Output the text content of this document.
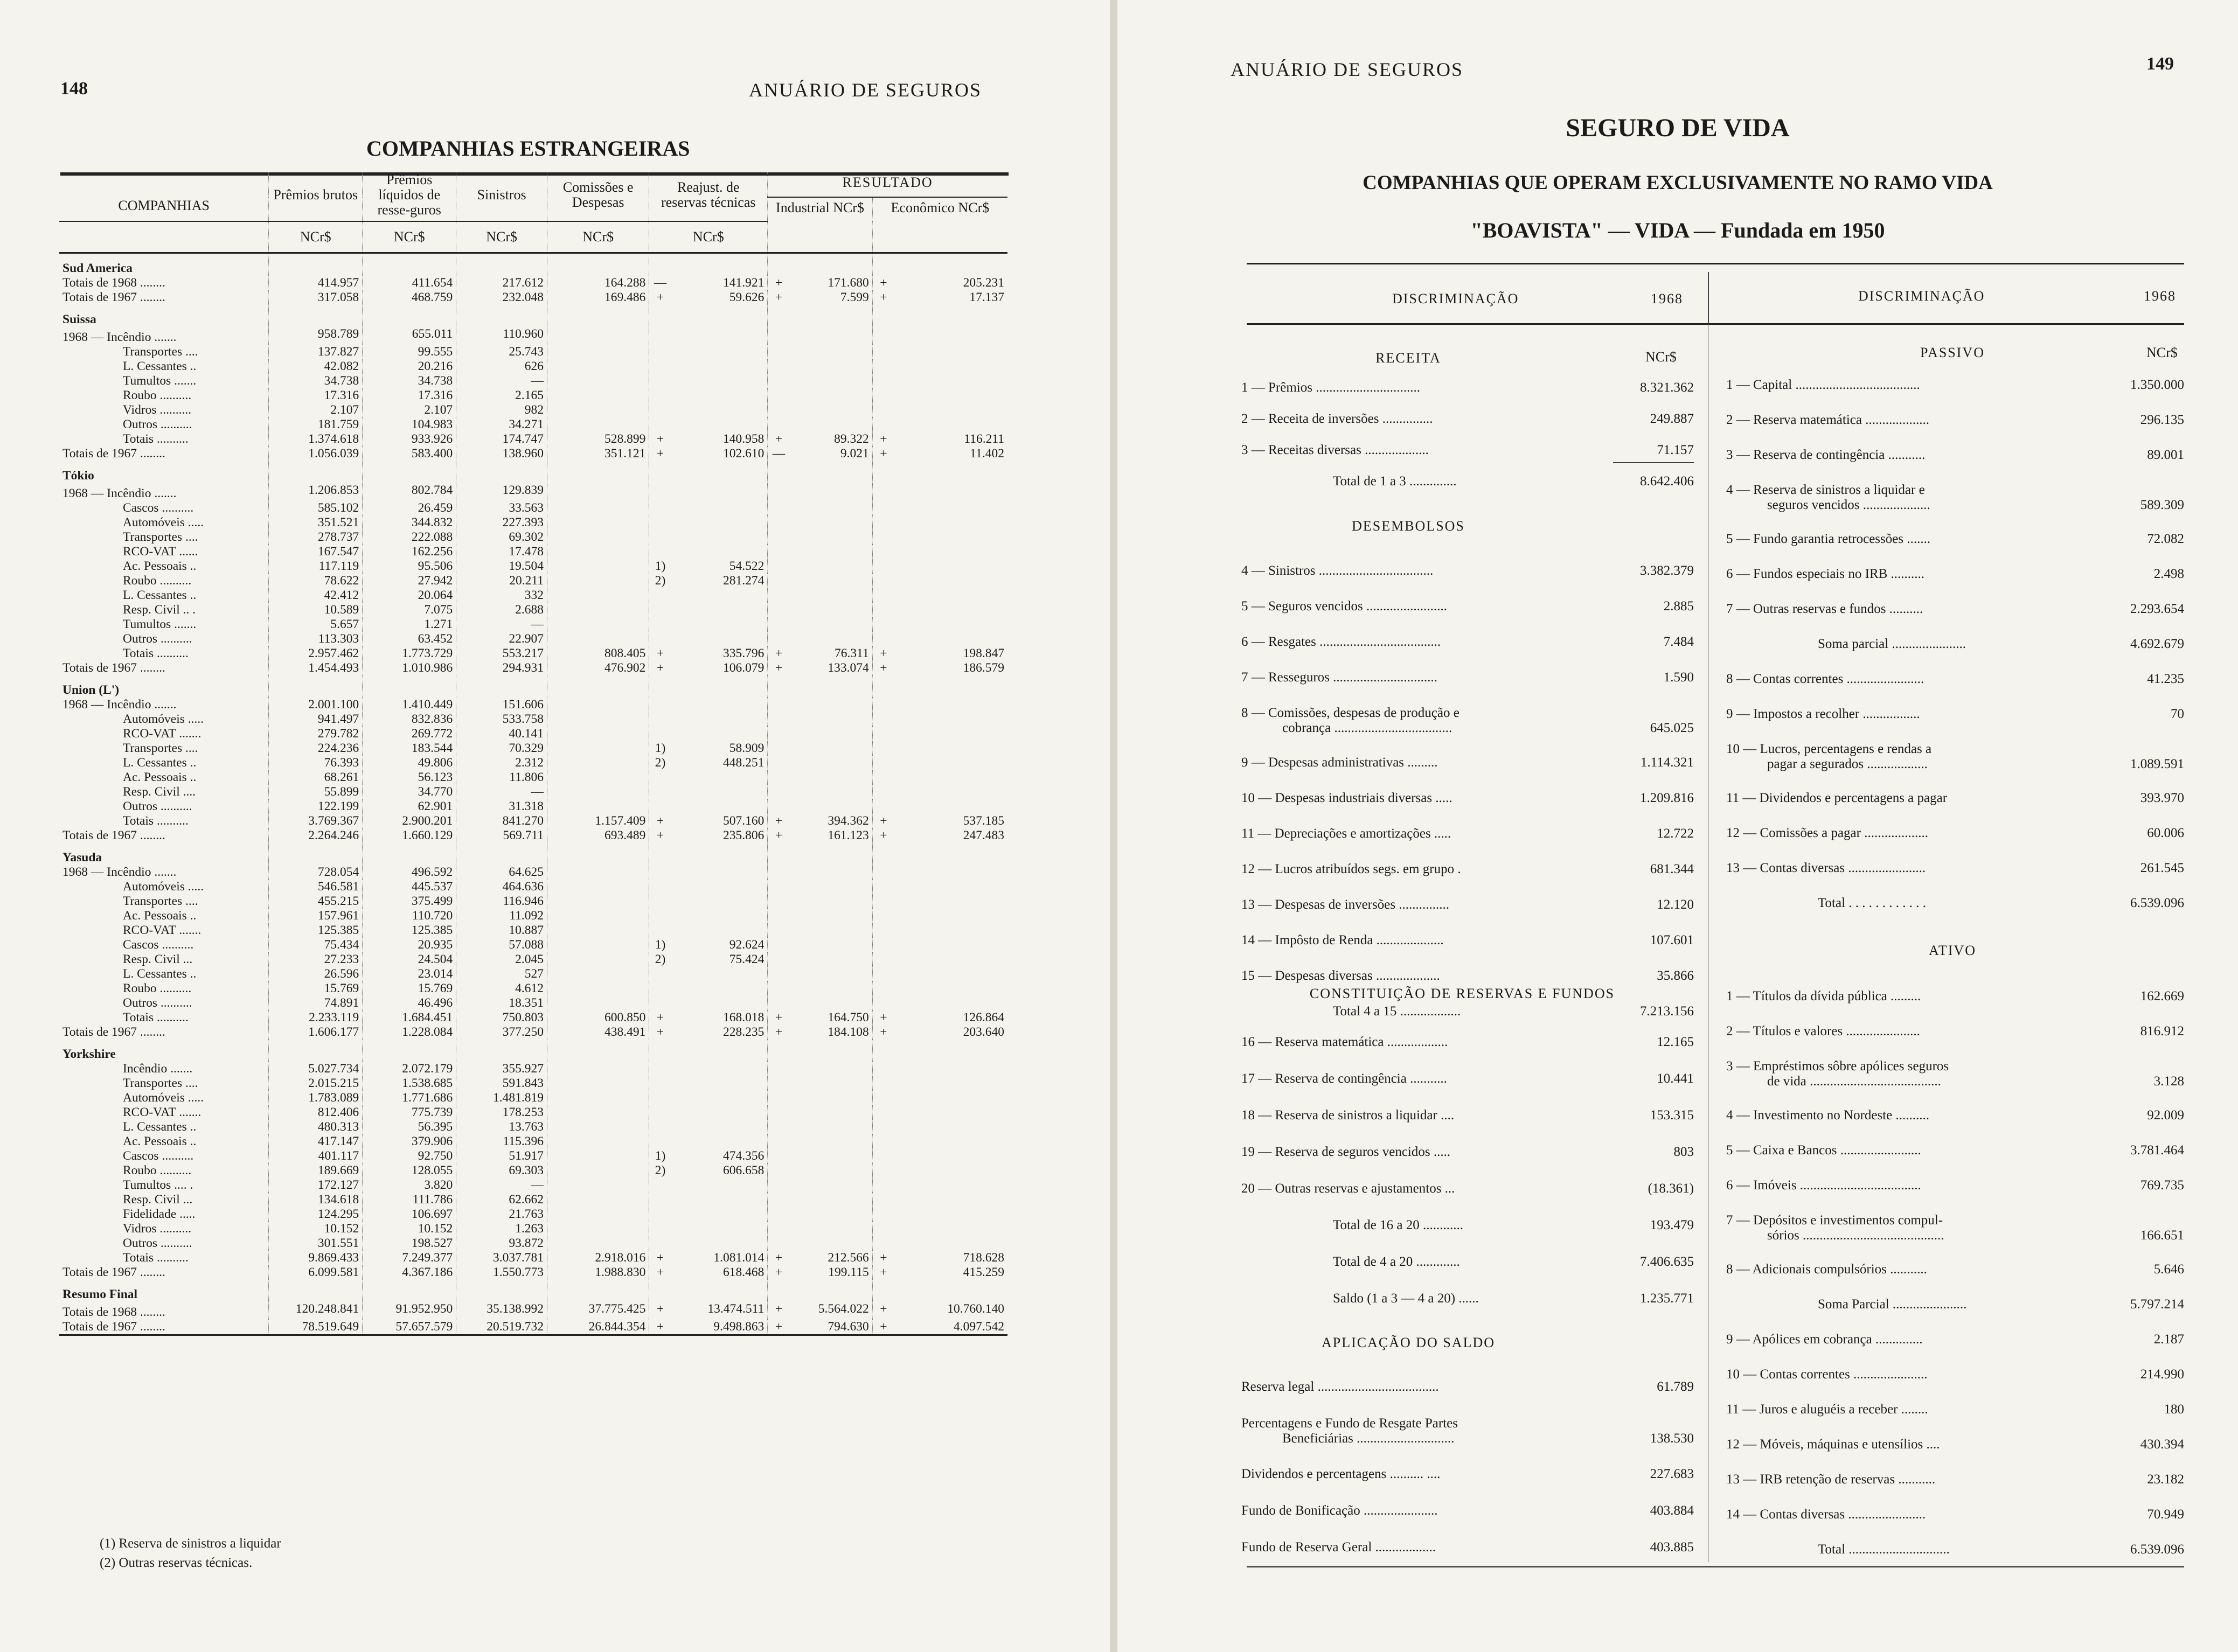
148	ANUÁRIO DE SEGUROS
COMPANHIAS ESTRANGEIRAS
COMPANHIAS	Prêmios brutos	Prêmios líquidos de resse-guros	Sinistros	Comissões e Despesas	Reajust. de reservas técnicas		RESULTADO			
							Industrial NCr$		Econômico NCr$	
	NCr$	NCr$	NCr$	NCr$	NCr$					
Sud America										
Totais de 1968 ........	414.957	411.654	217.612	164.288	—	141.921	+	171.680	+	205.231
Totais de 1967 ........	317.058	468.759	232.048	169.486	+	59.626	+	7.599	+	17.137
Suissa										
1968 — Incêndio .......	958.789	655.011	110.960							
Transportes ....	137.827	99.555	25.743							
L. Cessantes ..	42.082	20.216	626							
Tumultos .......	34.738	34.738	—							
Roubo ..........	17.316	17.316	2.165							
Vidros ..........	2.107	2.107	982							
Outros ..........	181.759	104.983	34.271							
Totais ..........	1.374.618	933.926	174.747	528.899	+	140.958	+	89.322	+	116.211
Totais de 1967 ........	1.056.039	583.400	138.960	351.121	+	102.610	—	9.021	+	11.402
Tókio										
1968 — Incêndio .......	1.206.853	802.784	129.839							
Cascos ..........	585.102	26.459	33.563							
Automóveis .....	351.521	344.832	227.393							
Transportes ....	278.737	222.088	69.302							
RCO-VAT ......	167.547	162.256	17.478							
Ac. Pessoais ..	117.119	95.506	19.504		1)	54.522				
Roubo ..........	78.622	27.942	20.211		2)	281.274				
L. Cessantes ..	42.412	20.064	332							
Resp. Civil .. .	10.589	7.075	2.688							
Tumultos .......	5.657	1.271	—							
Outros ..........	113.303	63.452	22.907							
Totais ..........	2.957.462	1.773.729	553.217	808.405	+	335.796	+	76.311	+	198.847
Totais de 1967 ........	1.454.493	1.010.986	294.931	476.902	+	106.079	+	133.074	+	186.579
Union (L')										
1968 — Incêndio .......	2.001.100	1.410.449	151.606							
Automóveis .....	941.497	832.836	533.758							
RCO-VAT .......	279.782	269.772	40.141							
Transportes ....	224.236	183.544	70.329		1)	58.909				
L. Cessantes ..	76.393	49.806	2.312		2)	448.251				
Ac. Pessoais ..	68.261	56.123	11.806							
Resp. Civil ....	55.899	34.770	—							
Outros ..........	122.199	62.901	31.318							
Totais ..........	3.769.367	2.900.201	841.270	1.157.409	+	507.160	+	394.362	+	537.185
Totais de 1967 ........	2.264.246	1.660.129	569.711	693.489	+	235.806	+	161.123	+	247.483
Yasuda										
1968 — Incêndio .......	728.054	496.592	64.625							
Automóveis .....	546.581	445.537	464.636							
Transportes ....	455.215	375.499	116.946							
Ac. Pessoais ..	157.961	110.720	11.092							
RCO-VAT .......	125.385	125.385	10.887							
Cascos ..........	75.434	20.935	57.088		1)	92.624				
Resp. Civil ...	27.233	24.504	2.045		2)	75.424				
L. Cessantes ..	26.596	23.014	527							
Roubo ..........	15.769	15.769	4.612							
Outros ..........	74.891	46.496	18.351							
Totais ..........	2.233.119	1.684.451	750.803	600.850	+	168.018	+	164.750	+	126.864
Totais de 1967 ........	1.606.177	1.228.084	377.250	438.491	+	228.235	+	184.108	+	203.640
Yorkshire										
Incêndio .......	5.027.734	2.072.179	355.927							
Transportes ....	2.015.215	1.538.685	591.843							
Automóveis .....	1.783.089	1.771.686	1.481.819							
RCO-VAT .......	812.406	775.739	178.253							
L. Cessantes ..	480.313	56.395	13.763							
Ac. Pessoais ..	417.147	379.906	115.396							
Cascos ..........	401.117	92.750	51.917		1)	474.356				
Roubo ..........	189.669	128.055	69.303		2)	606.658				
Tumultos .... .	172.127	3.820	—							
Resp. Civil ...	134.618	111.786	62.662							
Fidelidade .....	124.295	106.697	21.763							
Vidros ..........	10.152	10.152	1.263							
Outros ..........	301.551	198.527	93.872							
Totais ..........	9.869.433	7.249.377	3.037.781	2.918.016	+	1.081.014	+	212.566	+	718.628
Totais de 1967 ........	6.099.581	4.367.186	1.550.773	1.988.830	+	618.468	+	199.115	+	415.259
Resumo Final										
Totais de 1968 ........	120.248.841	91.952.950	35.138.992	37.775.425	+	13.474.511	+	5.564.022	+	10.760.140
Totais de 1967 ........	78.519.649	57.657.579	20.519.732	26.844.354	+	9.498.863	+	794.630	+	4.097.542
(1) Reserva de sinistros a liquidar
(2) Outras reservas técnicas.
ANUÁRIO DE SEGUROS	149
SEGURO DE VIDA
COMPANHIAS QUE OPERAM EXCLUSIVAMENTE NO RAMO VIDA
"BOAVISTA" — VIDA — Fundada em 1950
DISCRIMINAÇÃO	1968	DISCRIMINAÇÃO	1968
RECEITA	NCr$
1 — Prêmios ...............................	8.321.362
2 — Receita de inversões ...............	249.887
3 — Receitas diversas ...................	71.157
Total de 1 a 3 ..............	8.642.406
DESEMBOLSOS
4 — Sinistros ..................................	3.382.379
5 — Seguros vencidos ........................	2.885
6 — Resgates ....................................	7.484
7 — Resseguros ...............................	1.590
8 — Comissões, despesas de produção e
cobrança ...................................	645.025
9 — Despesas administrativas .........	1.114.321
10 — Despesas industriais diversas .....	1.209.816
11 — Depreciações e amortizações .....	12.722
12 — Lucros atribuídos segs. em grupo .	681.344
13 — Despesas de inversões ...............	12.120
14 — Impôsto de Renda ....................	107.601
15 — Despesas diversas ...................	35.866
Total 4 a 15 ..................	7.213.156
CONSTITUIÇÃO DE RESERVAS E FUNDOS
16 — Reserva matemática ..................	12.165
17 — Reserva de contingência ...........	10.441
18 — Reserva de sinistros a liquidar ....	153.315
19 — Reserva de seguros vencidos .....	803
20 — Outras reservas e ajustamentos ...	(18.361)
Total de 16 a 20 ............	193.479
Total de 4 a 20 .............	7.406.635
Saldo (1 a 3 — 4 a 20) ......	1.235.771
APLICAÇÃO DO SALDO
Reserva legal ....................................	61.789
Percentagens e Fundo de Resgate Partes
Beneficiárias .............................	138.530
Dividendos e percentagens .......... ....	227.683
Fundo de Bonificação ......................	403.884
Fundo de Reserva Geral ..................	403.885
PASSIVO	NCr$
1 — Capital .....................................	1.350.000
2 — Reserva matemática ...................	296.135
3 — Reserva de contingência ...........	89.001
4 — Reserva de sinistros a liquidar e
seguros vencidos ....................	589.309
5 — Fundo garantia retrocessões .......	72.082
6 — Fundos especiais no IRB ..........	2.498
7 — Outras reservas e fundos ..........	2.293.654
Soma parcial ......................	4.692.679
8 — Contas correntes .......................	41.235
9 — Impostos a recolher .................	70
10 — Lucros, percentagens e rendas a
pagar a segurados ..................	1.089.591
11 — Dividendos e percentagens a pagar	393.970
12 — Comissões a pagar ...................	60.006
13 — Contas diversas .......................	261.545
Total . . . . . . . . . . . .	6.539.096
ATIVO
1 — Títulos da dívida pública .........	162.669
2 — Títulos e valores ......................	816.912
3 — Empréstimos sôbre apólices seguros
de vida .......................................	3.128
4 — Investimento no Nordeste ..........	92.009
5 — Caixa e Bancos ........................	3.781.464
6 — Imóveis ....................................	769.735
7 — Depósitos e investimentos compul-
sórios ..........................................	166.651
8 — Adicionais compulsórios ...........	5.646
Soma Parcial ......................	5.797.214
9 — Apólices em cobrança ..............	2.187
10 — Contas correntes ......................	214.990
11 — Juros e aluguéis a receber ........	180
12 — Móveis, máquinas e utensílios ....	430.394
13 — IRB retenção de reservas ...........	23.182
14 — Contas diversas .......................	70.949
Total ..............................	6.539.096
